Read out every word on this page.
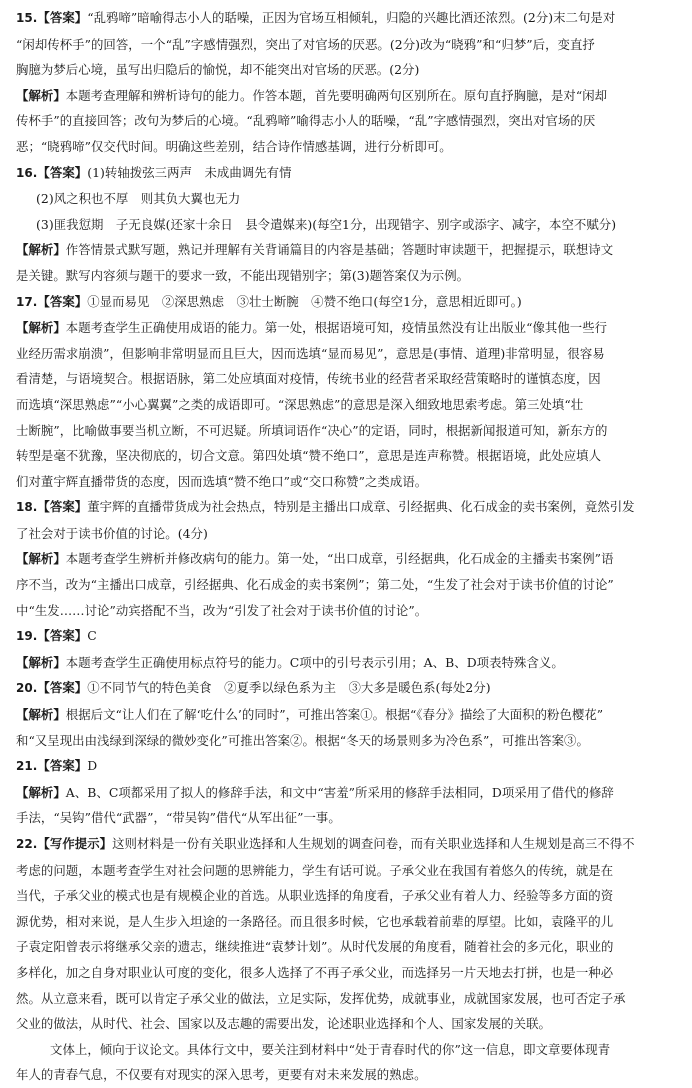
15. 【 答案 】 “乱鸦啼”暗喻得志小人的聒噪，正因为官场互相倾轧，归隐的兴趣比酒还浓烈。(2分)末二句是对

“闲却传杯手”的回答，一个“乱”字感情强烈，突出了对官场的厌恶。(2分)改为“晓鸦”和“归梦”后，变直抒

胸臆为梦后心境，虽写出归隐后的愉悦，却不能突出对官场的厌恶。(2分)

【 解析 】 本题考查理解和辨析诗句的能力。作答本题，首先要明确两句区别所在。原句直抒胸臆，是对“闲却

传杯手”的直接回答；改句为梦后的心境。“乱鸦啼”喻得志小人的聒噪，“乱”字感情强烈，突出对官场的厌

恶；“晓鸦啼”仅交代时间。明确这些差别，结合诗作情感基调，进行分析即可。

16. 【 答案 】 (1)转轴拨弦三两声　未成曲调先有情

(2)风之积也不厚　则其负大翼也无力

(3)匪我愆期　子无良媒(还家十余日　县令遣媒来)(每空1分，出现错字、别字或添字、减字，本空不赋分)

【 解析 】 作答情景式默写题，熟记并理解有关背诵篇目的内容是基础；答题时审读题干，把握提示，联想诗文

是关键。默写内容须与题干的要求一致，不能出现错别字；第(3)题答案仅为示例。

17. 【 答案 】 ①显而易见　②深思熟虑　③壮士断腕　④赞不绝口(每空1分，意思相近即可。)

【 解析 】 本题考查学生正确使用成语的能力。第一处，根据语境可知，疫情虽然没有让出版业“像其他一些行

业经历需求崩溃”，但影响非常明显而且巨大，因而选填“显而易见”，意思是(事情、道理)非常明显，很容易

看清楚，与语境契合。根据语脉，第二处应填面对疫情，传统书业的经营者采取经营策略时的谨慎态度，因

而选填“深思熟虑”“小心翼翼”之类的成语即可。“深思熟虑”的意思是深入细致地思索考虑。第三处填“壮

士断腕”，比喻做事要当机立断，不可迟疑。所填词语作“决心”的定语，同时，根据新闻报道可知，新东方的

转型是毫不犹豫，坚决彻底的，切合文意。第四处填“赞不绝口”，意思是连声称赞。根据语境，此处应填人

们对董宇辉直播带货的态度，因而选填“赞不绝口”或“交口称赞”之类成语。

18. 【 答案 】 董宇辉的直播带货成为社会热点，特别是主播出口成章、引经据典、化石成金的卖书案例，竟然引发

了社会对于读书价值的讨论。(4分)

【 解析 】 本题考查学生辨析并修改病句的能力。第一处，“出口成章，引经据典，化石成金的主播卖书案例”语

序不当，改为“主播出口成章，引经据典、化石成金的卖书案例”；第二处，“生发了社会对于读书价值的讨论”

中“生发……讨论”动宾搭配不当，改为“引发了社会对于读书价值的讨论”。

19. 【 答案 】 C

【 解析 】 本题考查学生正确使用标点符号的能力。C项中的引号表示引用；A、B、D项表特殊含义。

20. 【 答案 】 ①不同节气的特色美食　②夏季以绿色系为主　③大多是暖色系(每处2分)

【 解析 】 根据后文“让人们在了解‘吃什么’的同时”，可推出答案①。根据“《春分》描绘了大面积的粉色樱花”

和“又呈现出由浅绿到深绿的微妙变化”可推出答案②。根据“冬天的场景则多为冷色系”，可推出答案③。

21. 【 答案 】 D

【 解析 】 A、B、C项都采用了拟人的修辞手法，和文中“害羞”所采用的修辞手法相同，D项采用了借代的修辞

手法，“吴钩”借代“武器”，“带吴钩”借代“从军出征”一事。

22. 【 写作提示 】 这则材料是一份有关职业选择和人生规划的调查问卷，而有关职业选择和人生规划是高三不得不

考虑的问题，本题考查学生对社会问题的思辨能力，学生有话可说。子承父业在我国有着悠久的传统，就是在

当代，子承父业的模式也是有规模企业的首选。从职业选择的角度看，子承父业有着人力、经验等多方面的资

源优势，相对来说，是人生步入坦途的一条路径。而且很多时候，它也承载着前辈的厚望。比如，袁隆平的儿

子袁定阳曾表示将继承父亲的遗志，继续推进“袁梦计划”。从时代发展的角度看，随着社会的多元化，职业的

多样化，加之自身对职业认可度的变化，很多人选择了不再子承父业，而选择另一片天地去打拼，也是一种必

然。从立意来看，既可以肯定子承父业的做法，立足实际，发挥优势，成就事业，成就国家发展，也可否定子承

父业的做法，从时代、社会、国家以及志趣的需要出发，论述职业选择和个人、国家发展的关联。

文体上，倾向于议论文。具体行文中，要关注到材料中“处于青春时代的你”这一信息，即文章要体现青

年人的青春气息，不仅要有对现实的深入思考，更要有对未来发展的熟虑。
